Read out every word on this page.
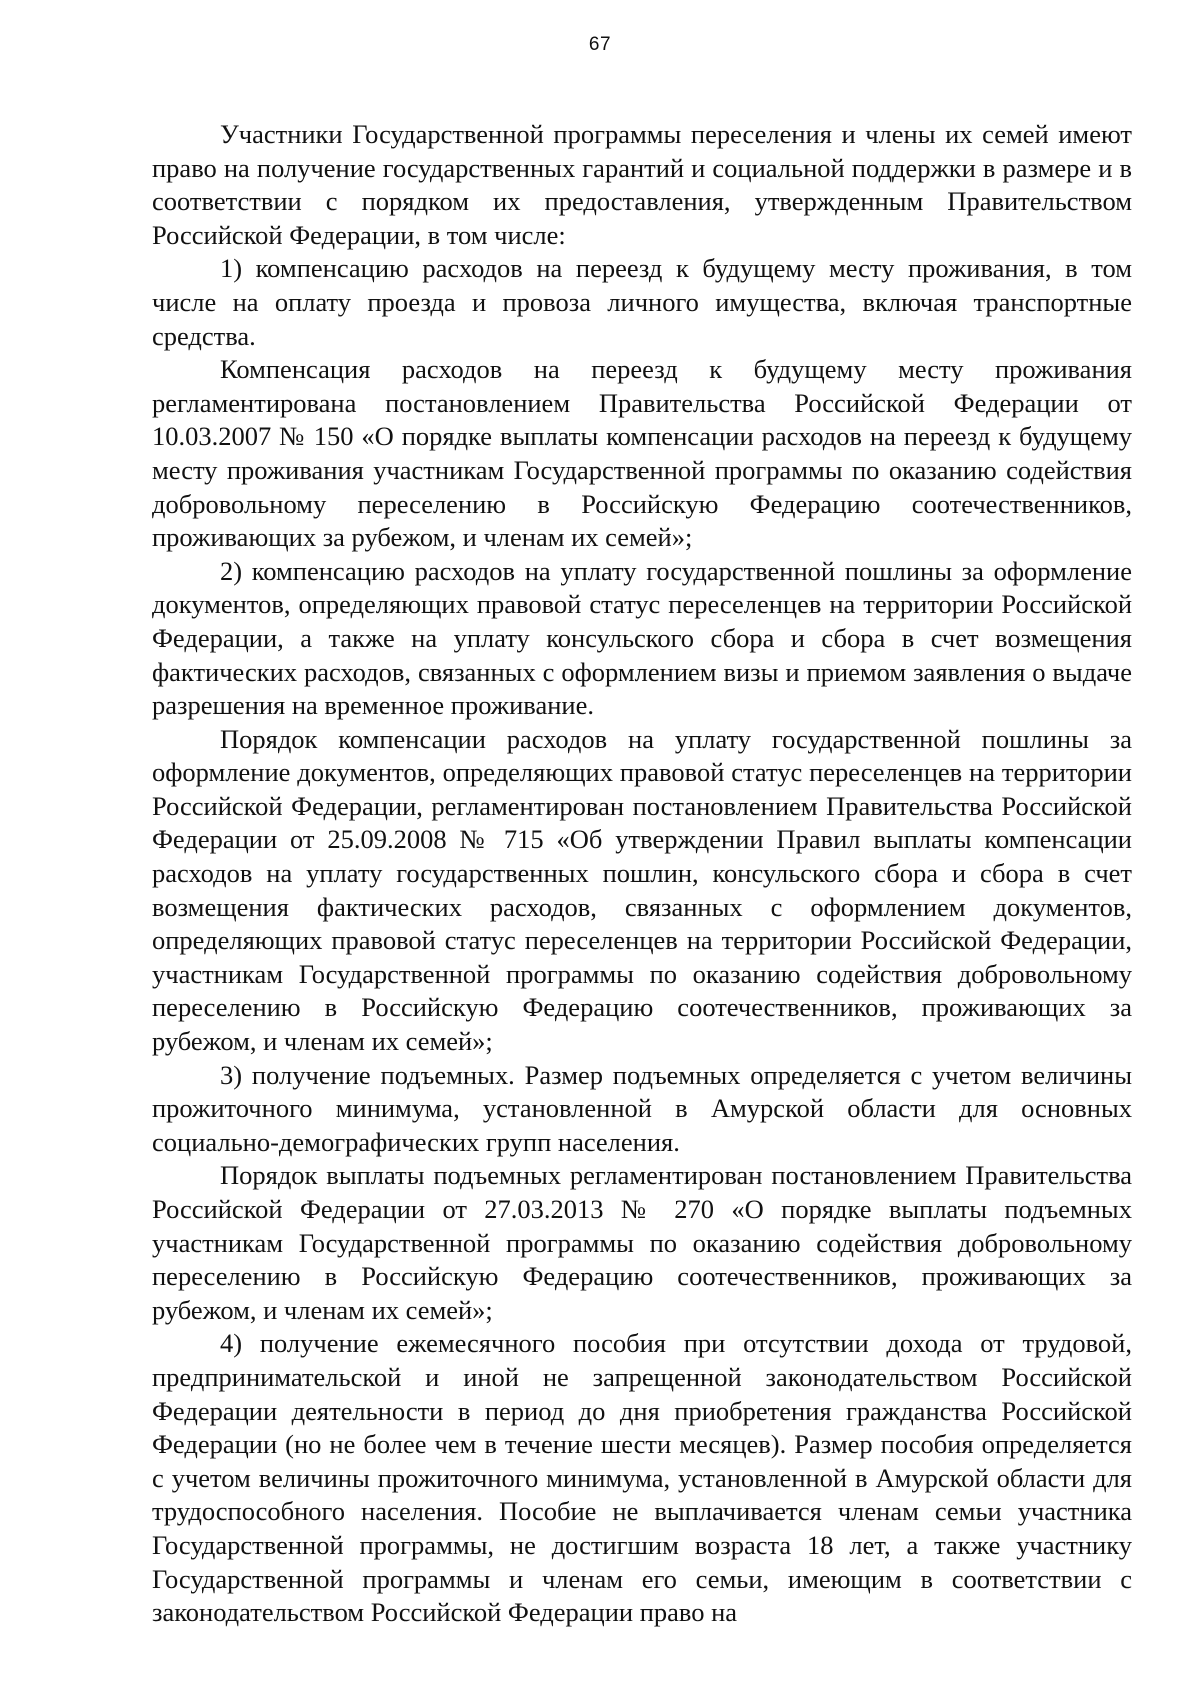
67

Участники Государственной программы переселения и члены их семей имеют право на получение государственных гарантий и социальной поддержки в размере и в соответствии с порядком их предоставления, утвержденным Правительством Российской Федерации, в том числе:

1) компенсацию расходов на переезд к будущему месту проживания, в том числе на оплату проезда и провоза личного имущества, включая транспортные средства.

Компенсация расходов на переезд к будущему месту проживания регламентирована постановлением Правительства Российской Федерации от 10.03.2007 № 150 «О порядке выплаты компенсации расходов на переезд к будущему месту проживания участникам Государственной программы по оказанию содействия добровольному переселению в Российскую Федерацию соотечественников, проживающих за рубежом, и членам их семей»;

2) компенсацию расходов на уплату государственной пошлины за оформление документов, определяющих правовой статус переселенцев на территории Российской Федерации, а также на уплату консульского сбора и сбора в счет возмещения фактических расходов, связанных с оформлением визы и приемом заявления о выдаче разрешения на временное проживание.

Порядок компенсации расходов на уплату государственной пошлины за оформление документов, определяющих правовой статус переселенцев на территории Российской Федерации, регламентирован постановлением Правительства Российской Федерации от 25.09.2008 № 715 «Об утверждении Правил выплаты компенсации расходов на уплату государственных пошлин, консульского сбора и сбора в счет возмещения фактических расходов, связанных с оформлением документов, определяющих правовой статус переселенцев на территории Российской Федерации, участникам Государственной программы по оказанию содействия добровольному переселению в Российскую Федерацию соотечественников, проживающих за рубежом, и членам их семей»;

3) получение подъемных. Размер подъемных определяется с учетом величины прожиточного минимума, установленной в Амурской области для основных социально-демографических групп населения.

Порядок выплаты подъемных регламентирован постановлением Правительства Российской Федерации от 27.03.2013 № 270 «О порядке выплаты подъемных участникам Государственной программы по оказанию содействия добровольному переселению в Российскую Федерацию соотечественников, проживающих за рубежом, и членам их семей»;

4) получение ежемесячного пособия при отсутствии дохода от трудовой, предпринимательской и иной не запрещенной законодательством Российской Федерации деятельности в период до дня приобретения гражданства Российской Федерации (но не более чем в течение шести месяцев). Размер пособия определяется с учетом величины прожиточного минимума, установленной в Амурской области для трудоспособного населения. Пособие не выплачивается членам семьи участника Государственной программы, не достигшим возраста 18 лет, а также участнику Государственной программы и членам его семьи, имеющим в соответствии с законодательством Российской Федерации право на
